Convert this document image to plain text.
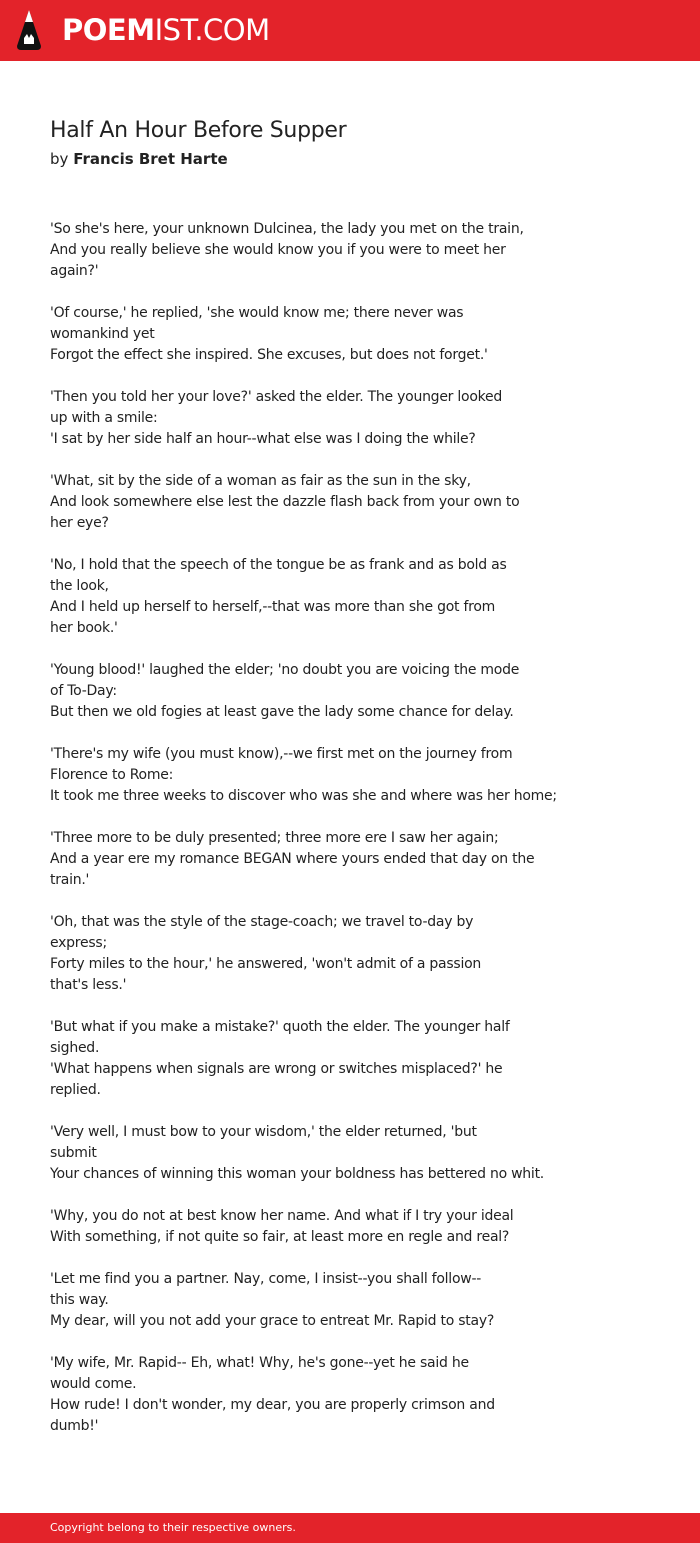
POEMIST.COM
Half An Hour Before Supper
by Francis Bret Harte
'So she's here, your unknown Dulcinea, the lady you met on the train,
And you really believe she would know you if you were to meet her
again?'
'Of course,' he replied, 'she would know me; there never was
womankind yet
Forgot the effect she inspired. She excuses, but does not forget.'
'Then you told her your love?' asked the elder. The younger looked
up with a smile:
'I sat by her side half an hour--what else was I doing the while?
'What, sit by the side of a woman as fair as the sun in the sky,
And look somewhere else lest the dazzle flash back from your own to
her eye?
'No, I hold that the speech of the tongue be as frank and as bold as
the look,
And I held up herself to herself,--that was more than she got from
her book.'
'Young blood!' laughed the elder; 'no doubt you are voicing the mode
of To-Day:
But then we old fogies at least gave the lady some chance for delay.
'There's my wife (you must know),--we first met on the journey from
Florence to Rome:
It took me three weeks to discover who was she and where was her home;
'Three more to be duly presented; three more ere I saw her again;
And a year ere my romance BEGAN where yours ended that day on the
train.'
'Oh, that was the style of the stage-coach; we travel to-day by
express;
Forty miles to the hour,' he answered, 'won't admit of a passion
that's less.'
'But what if you make a mistake?' quoth the elder. The younger half
sighed.
'What happens when signals are wrong or switches misplaced?' he
replied.
'Very well, I must bow to your wisdom,' the elder returned, 'but
submit
Your chances of winning this woman your boldness has bettered no whit.
'Why, you do not at best know her name. And what if I try your ideal
With something, if not quite so fair, at least more en regle and real?
'Let me find you a partner. Nay, come, I insist--you shall follow--
this way.
My dear, will you not add your grace to entreat Mr. Rapid to stay?
'My wife, Mr. Rapid-- Eh, what! Why, he's gone--yet he said he
would come.
How rude! I don't wonder, my dear, you are properly crimson and
dumb!'
Copyright belong to their respective owners.
